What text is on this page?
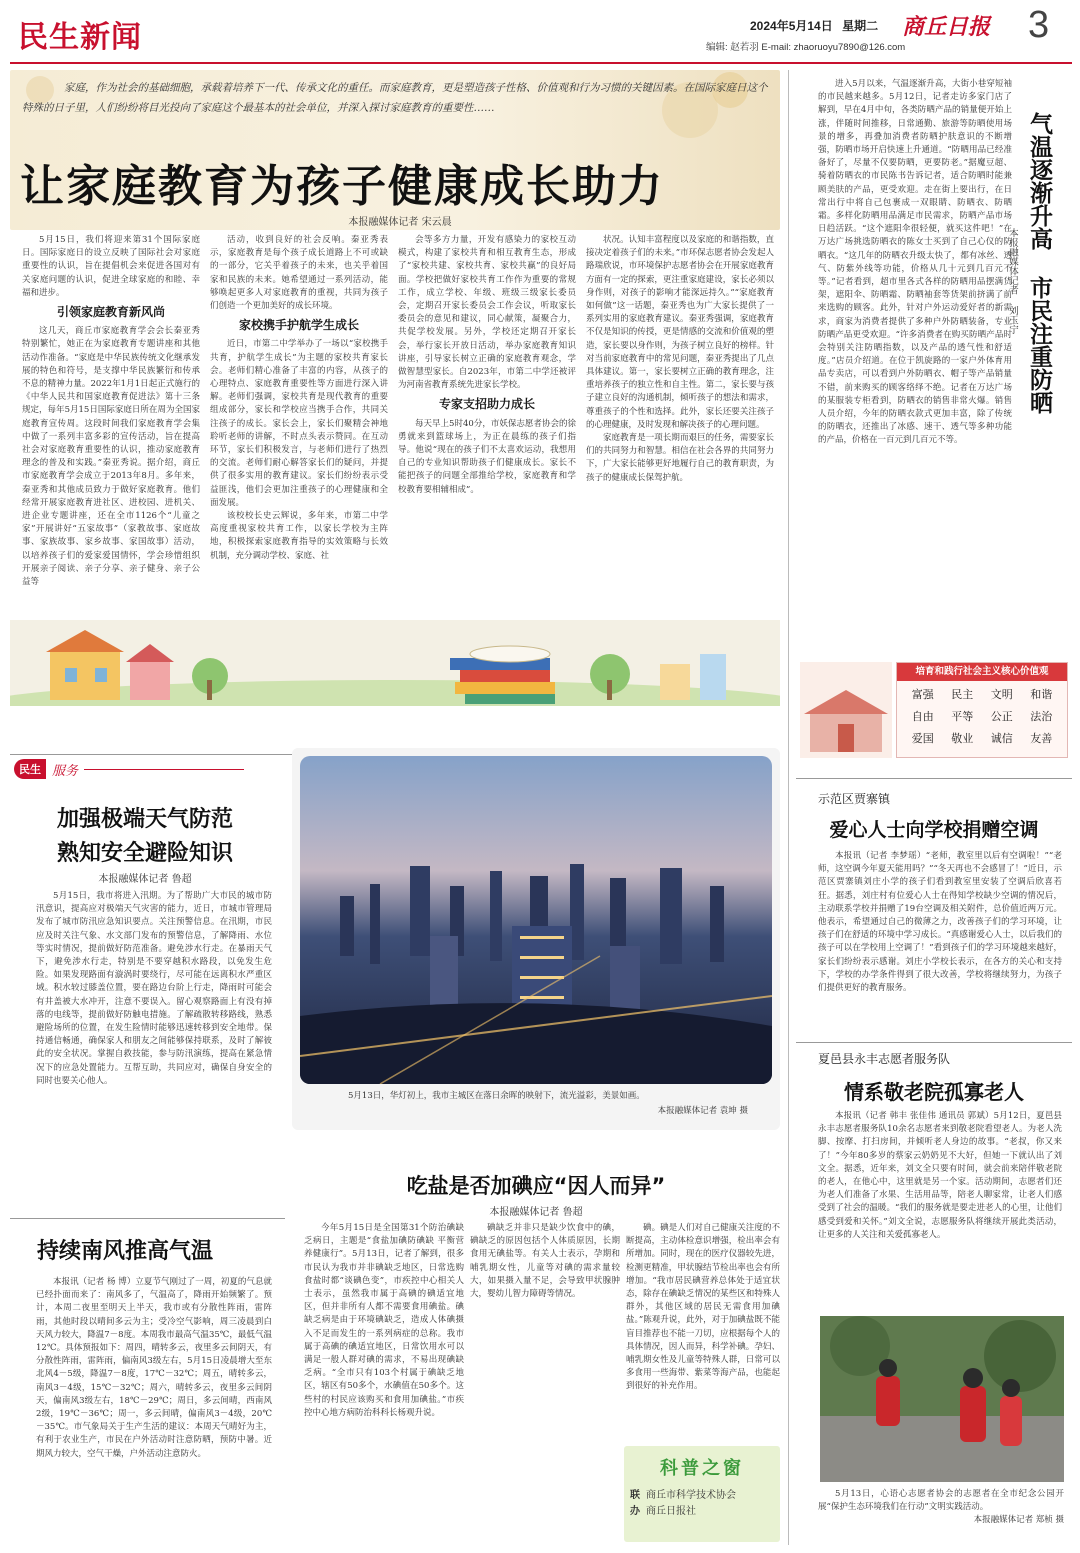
民生新闻	2024年5月14日 星期二 商丘日报 3
编辑: 赵若羽 E-mail: zhaoruoyu7890@126.com
家庭，作为社会的基础细胞，承载着培养下一代、传承文化的重任。而家庭教育，更是塑造孩子性格、价值观和行为习惯的关键因素。在国际家庭日这个特殊的日子里，人们纷纷将目光投向了家庭这个最基本的社会单位，并深入探讨家庭教育的重要性……
让家庭教育为孩子健康成长助力
本报融媒体记者 宋云晨

5月15日，我们将迎来第31个国际家庭日。国际家庭日的设立反映了国际社会对家庭重要性的认识，旨在提倡机会来促进各国对有关家庭问题的认识，促进全球家庭的和睦、幸福和进步。

引领家庭教育新风尚

这几天，商丘市家庭教育学会会长秦亚秀特别繁忙，她正在为家庭教育专题讲座和其他活动作准备。“家庭是中华民族传统文化继承发展的特色和符号，是支撑中华民族繁衍和传承不息的精神力量。2022年1月1日起正式施行的《中华人民共和国家庭教育促进法》第十三条规定，每年5月15日国际家庭日所在周为全国家庭教育宣传周。这段时间我们家庭教育学会集中做了一系列丰富多彩的宣传活动，旨在提高社会对家庭教育重要性的认识，推动家庭教育理念的普及和实践。”秦亚秀说。据介绍，商丘市家庭教育学会成立于2013年8月。多年来，秦亚秀和其他成员致力于做好家庭教育。他们经常开展家庭教育进社区、进校园、进机关、进企业专题讲座，还在全市1126个“儿童之家”开展讲好“五家故事”（家教故事、家庭故事、家族故事、家乡故事、家国故事）活动，以培养孩子们的爱家爱国情怀，学会珍惜组织开展亲子阅读、亲子分享、亲子健身、亲子公益等

活动，收到良好的社会反响。秦亚秀表示，家庭教育是每个孩子成长道路上不可或缺的一部分，它关乎着孩子的未来，也关乎着国家和民族的未来。她希望通过一系列活动，能够唤起更多人对家庭教育的重视，共同为孩子们创造一个更加美好的成长环境。

家校携手护航学生成长

近日，市第二中学举办了一场以“家校携手共育，护航学生成长”为主题的家校共育家长会。老师们精心准备了丰富的内容，从孩子的心理特点、家庭教育重要性等方面进行深入讲解。老师们强调，家校共育是现代教育的重要组成部分，家长和学校应当携手合作，共同关注孩子的成长。家长会上，家长们聚精会神地聆听老师的讲解，不时点头表示赞同。在互动环节，家长们积极发言，与老师们进行了热烈的交流。老师们耐心解答家长们的疑问，并提供了很多实用的教育建议。家长们纷纷表示受益匪浅，他们会更加注重孩子的心理健康和全面发展。

该校校长史云辉说，多年来，市第二中学高度重视家校共育工作，以家长学校为主阵地，积极探索家庭教育指导的实效策略与长效机制，充分调动学校、家庭、社

会等多方力量，开发有感染力的家校互动模式，构建了家校共育和相互教育生态，形成了“家校共建、家校共育、家校共赢”的良好局面。学校把做好家校共育工作作为重要的常规工作，成立学校、年级、班级三级家长委员会，定期召开家长委员会工作会议，听取家长委员会的意见和建议，同心献策，凝聚合力，共促学校发展。另外，学校还定期召开家长会，举行家长开放日活动，举办家庭教育知识讲座，引导家长树立正确的家庭教育观念，学做智慧型家长。自2023年，市第二中学还被评为河南省教育系统先进家长学校。

专家支招助力成长

每天早上5时40分，市妖保志愿者协会的徐勇就来到篮球场上，为正在晨练的孩子们指导。他说“现在的孩子们不太喜欢运动，我想用自己的专业知识帮助孩子们健康成长。家长不能把孩子的问题全部推给学校，家庭教育和学校教育要相辅相成”。

状况。认知丰富程度以及家庭的和谐指数，直接决定着孩子们的未来。”市环保志愿者协会发起人路瑞欣说，市环境保护志愿者协会在开展家庭教育方面有一定的探索，更注重家庭建设，家长必须以身作则，对孩子的影响才能深远持久。”“家庭教育如何做”这一话题，秦亚秀也为广大家长提供了一系列实用的家庭教育建议。秦亚秀强调，家庭教育不仅是知识的传授，更是情感的交流和价值观的塑造，家长要以身作则，为孩子树立良好的榜样。针对当前家庭教育中的常见问题，秦亚秀提出了几点具体建议。第一，家长要树立正确的教育理念，注重培养孩子的独立性和自主性。第二，家长要与孩子建立良好的沟通机制，倾听孩子的想法和需求，尊重孩子的个性和选择。此外，家长还要关注孩子的心理健康，及时发现和解决孩子的心理问题。

家庭教育是一项长期而艰巨的任务，需要家长们的共同努力和智慧。相信在社会各界的共同努力下，广大家长能够更好地履行自己的教育职责，为孩子的健康成长保驾护航。

进入5月以来，气温逐渐升高，大街小巷穿短袖的市民越来越多。5月12日，记者走访多家门店了解到，早在4月中旬，各类防晒产品的销量便开始上涨，伴随时间推移，日常通勤、旅游等防晒使用场景的增多，再叠加消费者防晒护肤意识的不断增强，防晒市场开启快速上升通道。“防晒用品已经准备好了，尽量不仅要防晒，更要防老。”据魔豆超、骑着防晒衣的市民陈书告诉记者，适合防晒时能兼顾美肤的产品，更受欢迎。走在街上要出行，在日常出行中将自己包裹成一双眼睛、防晒衣、防晒霜。多样化防晒用品满足市民需求，防晒产品市场日趋活跃。“这个遮阳伞很轻便，就买这件吧！”在万达广场挑选防晒衣的陈女士买到了自己心仪的防晒衣。“这几年的防晒衣升级太快了，都有冰丝、透气、防紫外线等功能，价格从几十元到几百元不等。”记者看到，超市里各式各样的防晒用品摆满货架，遮阳伞、防晒霜、防晒袖套等货架前挤满了前来选购的顾客。此外，针对户外运动爱好者的新需求，商家为消费者提供了多种户外防晒装备，专业防晒产品更受欢迎。“许多消费者在购买防晒产品时会特别关注防晒指数，以及产品的透气性和舒适度。”店员介绍道。在位于凯旋路的一家户外体育用品专卖店，可以看到户外防晒衣、帽子等产品销量不错，前来购买的顾客络绎不绝。记者在万达广场的某服装专柜看到，防晒衣的销售非常火爆。销售人员介绍，今年的防晒衣款式更加丰富，除了传统的防晒衣，还推出了冰感、速干、透气等多种功能的产品，价格在一百元到几百元不等。
气温逐渐升高 市民注重防晒
本报融媒体记者 刘玉宁
培育和践行社会主义核心价值观
富强	民主	文明	和谐
自由	平等	公正	法治
爱国	敬业	诚信	友善
示范区贾寨镇
爱心人士向学校捐赠空调
本报讯（记者 李梦瑶）“老师，教室里以后有空调啦！”“老师，这空调今年夏天能用吗？”“冬天再也不会感冒了！”近日，示范区贾寨镇刘庄小学的孩子们看到教室里安装了空调后欣喜若狂。据悉，刘庄村有位爱心人士在得知学校缺少空调的情况后，主动联系学校并捐赠了19台空调及相关附件，总价值近两万元。他表示，希望通过自己的微薄之力，改善孩子们的学习环境，让孩子们在舒适的环境中学习成长。“真感谢爱心人士，以后我们的孩子可以在学校用上空调了！”看到孩子们的学习环境越来越好，家长们纷纷表示感谢。刘庄小学校长表示，在各方的关心和支持下，学校的办学条件得到了很大改善，学校将继续努力，为孩子们提供更好的教育服务。
夏邑县永丰志愿者服务队
情系敬老院孤寡老人
本报讯（记者 韩丰 张佳伟 通讯员 郭斌）5月12日，夏邑县永丰志愿者服务队10余名志愿者来到敬老院看望老人。为老人洗脚、按摩、打扫房间，并倾听老人身边的故事。“老叔，你又来了！”今年80多岁的蔡家云奶奶见不大好，但她一下就认出了刘文全。据悉，近年来，刘文全只要有时间，就会前来陪伴敬老院的老人，在他心中，这里就是另一个家。活动期间，志愿者们还为老人们准备了水果、生活用品等，陪老人聊家常，让老人们感受到了社会的温暖。“我们的服务就是要走进老人的心里，让他们感受到爱和关怀。”刘文全说，志愿服务队将继续开展此类活动，让更多的人关注和关爱孤寡老人。

5月13日，心语心志愿者协会的志愿者在全市纪念公园开展“保护生态环境我们在行动”文明实践活动。

本报融媒体记者 郑桢 摄
民生 服务
加强极端天气防范
熟知安全避险知识
本报融媒体记者 鲁超
5月15日，我市将进入汛期。为了帮助广大市民的城市防汛意识，提高应对极端天气灾害的能力，近日，市城市管理局发布了城市防汛应急知识要点。关注预警信息。在汛期，市民应及时关注气象、水文部门发布的预警信息，了解降雨、水位等实时情况，提前做好防范准备。避免涉水行走。在暴雨天气下，避免涉水行走，特别是不要穿越积水路段，以免发生危险。如果发现路面有漩涡时要绕行，尽可能在远离积水严重区域。积水较过膝盖位置，要在路边台阶上行走，降雨时可能会有井盖被大水冲开，注意不要误入。留心观察路面上有没有掉落的电线等，提前做好防触电措施。了解疏散转移路线，熟悉避险场所的位置，在发生险情时能够迅速转移到安全地带。保持通信畅通，确保家人和朋友之间能够保持联系，及时了解彼此的安全状况。掌握自救技能，参与防汛演练，提高在紧急情况下的应急处置能力。互帮互助，共同应对，确保自身安全的同时也要关心他人。
持续南风推高气温
本报讯（记者 杨 博）立夏节气刚过了一周，初夏的气息就已经扑面而来了：南风多了，气温高了，降雨开始频繁了。预计，本周二夜里至明天上半天，我市或有分散性阵雨，雷阵雨，其他时段以晴间多云为主；受冷空气影响，周三凌晨到白天风力较大，降温7－8度。本周我市最高气温35℃，最低气温12℃。具体预报如下：周四，晴转多云，夜里多云间阴天，有分散性阵雨，雷阵雨，偏南风3级左右，5月15日凌晨增大至东北风4－5级，降温7－8度，17℃－32℃；周五，晴转多云，南风3－4级，15℃－32℃；周六，晴转多云，夜里多云间阴天，偏南风3级左右，18℃－29℃；周日，多云间晴，西南风2级，19℃－36℃；周一，多云间晴，偏南风3－4级，20℃－35℃。市气象局关于生产生活的建议：本周天气晴好为主，有利于农业生产，市民在户外活动时注意防晒，预防中暑。近期风力较大，空气干燥，户外活动注意防火。
5月13日，华灯初上，我市主城区在落日余晖的映射下，流光溢彩，美景如画。
本报融媒体记者 袁坤 摄
吃盐是否加碘应“因人而异”
本报融媒体记者 鲁超
今年5月15日是全国第31个防治碘缺乏病日，主题是“食盐加碘防碘缺 平衡营养健康行”。5月13日，记者了解到，很多市民认为我市并非碘缺乏地区，日常选购食盐时都“谈碘色变”，市疾控中心相关人士表示，虽然我市属于高碘的碘适宜地区，但并非所有人都不需要食用碘盐。碘缺乏病是由于环境碘缺乏，造成人体碘摄入不足而发生的一系列病症的总称。我市属于高碘的碘适宜地区，日常饮用水可以满足一般人群对碘的需求，不易出现碘缺乏病。“全市只有103个村属于碘缺乏地区，辖区有50多个，水碘值在50多个。这些村的村民应该购买和食用加碘盐。”市疾控中心地方病防治科科长杨观升说。
碘缺乏并非只是缺少饮食中的碘，碘缺乏的原因包括个人体质原因，长期食用无碘盐等。有关人士表示，孕期和哺乳期女性，儿童等对碘的需求量较大，如果摄入量不足，会导致甲状腺肿大，婴幼儿智力障碍等情况。
碘。碘是人们对自己健康关注度的不断提高，主动体检意识增强，检出率会有所增加。同时，现在的医疗仪器较先进，检测更精准，甲状腺结节检出率也会有所增加。“我市居民碘营养总体处于适宜状态，除存在碘缺乏情况的某些区和特殊人群外，其他区域的居民无需食用加碘盐。”陈观升说，此外，对于加碘盐既不能盲目推荐也不能一刀切，应根据每个人的具体情况，因人而异，科学补碘。孕妇、哺乳期女性及儿童等特殊人群，日常可以多食用一些海带、紫菜等海产品，也能起到很好的补充作用。
科普之窗
联
办
商丘市科学技术协会
商丘日报社
